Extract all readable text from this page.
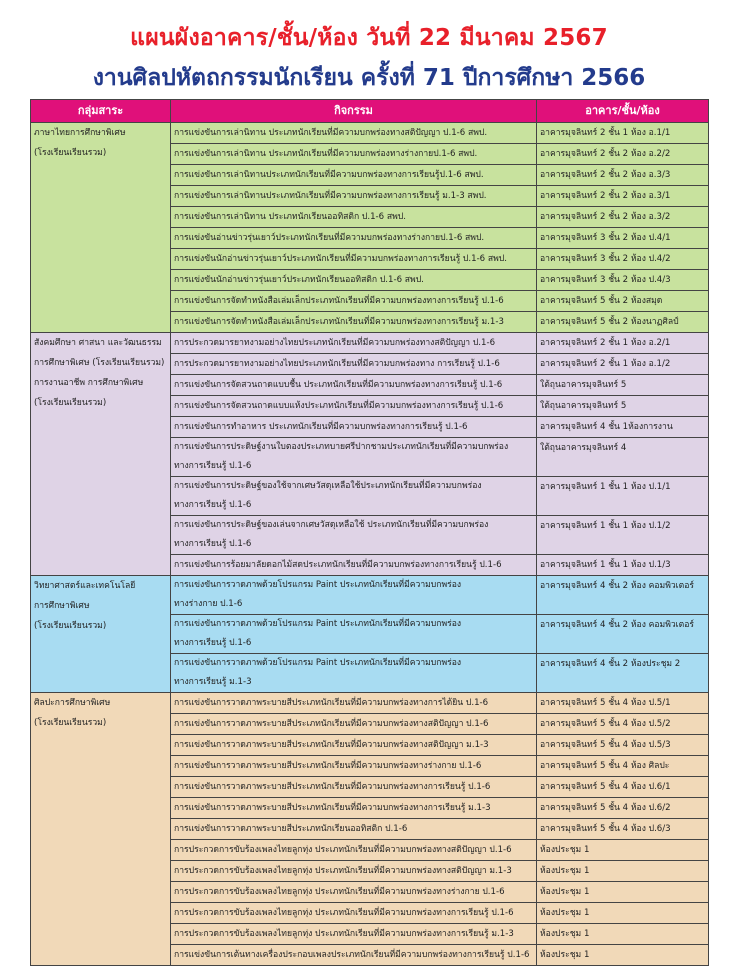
แผนผังอาคาร/ชั้น/ห้อง วันที่ 22 มีนาคม 2567
งานศิลปหัตถกรรมนักเรียน ครั้งที่ 71 ปีการศึกษา 2566
กลุ่มสาระ	กิจกรรม	อาคาร/ชั้น/ห้อง

ภาษาไทยการศึกษาพิเศษ
(โรงเรียนเรียนรวม)	การแข่งขันการเล่านิทาน ประเภทนักเรียนที่มีความบกพร่องทางสติปัญญา ป.1-6 สพป.	อาคารมุจลินทร์ 2 ชั้น 1 ห้อง อ.1/1
	การแข่งขันการเล่านิทาน ประเภทนักเรียนที่มีความบกพร่องทางร่างกายป.1-6 สพป.	อาคารมุจลินทร์ 2 ชั้น 2 ห้อง อ.2/2
	การแข่งขันการเล่านิทานประเภทนักเรียนที่มีความบกพร่องทางการเรียนรู้ป.1-6 สพป.	อาคารมุจลินทร์ 2 ชั้น 2 ห้อง อ.3/3
	การแข่งขันการเล่านิทานประเภทนักเรียนที่มีความบกพร่องทางการเรียนรู้ ม.1-3 สพป.	อาคารมุจลินทร์ 2 ชั้น 2 ห้อง อ.3/1
	การแข่งขันการเล่านิทาน ประเภทนักเรียนออทิสติก ป.1-6 สพป.	อาคารมุจลินทร์ 2 ชั้น 2 ห้อง อ.3/2
	การแข่งขันอ่านข่าวรุ่นเยาว์ประเภทนักเรียนที่มีความบกพร่องทางร่างกายป.1-6 สพป.	อาคารมุจลินทร์ 3 ชั้น 2 ห้อง ป.4/1
	การแข่งขันนักอ่านข่าวรุ่นเยาว์ประเภทนักเรียนที่มีความบกพร่องทางการเรียนรู้ ป.1-6 สพป.	อาคารมุจลินทร์ 3 ชั้น 2 ห้อง ป.4/2
	การแข่งขันนักอ่านข่าวรุ่นเยาว์ประเภทนักเรียนออทิสติก ป.1-6 สพป.	อาคารมุจลินทร์ 3 ชั้น 2 ห้อง ป.4/3
	การแข่งขันการจัดทำหนังสือเล่มเล็กประเภทนักเรียนที่มีความบกพร่องทางการเรียนรู้ ป.1-6	อาคารมุจลินทร์ 5 ชั้น 2 ห้องสมุด
	การแข่งขันการจัดทำหนังสือเล่มเล็กประเภทนักเรียนที่มีความบกพร่องทางการเรียนรู้ ม.1-3	อาคารมุจลินทร์ 5 ชั้น 2 ห้องนาฏศิลป์

สังคมศึกษา ศาสนา และวัฒนธรรม
การศึกษาพิเศษ (โรงเรียนเรียนรวม)
การงานอาชีพ การศึกษาพิเศษ
(โรงเรียนเรียนรวม)	การประกวดมารยาทงามอย่างไทยประเภทนักเรียนที่มีความบกพร่องทางสติปัญญา ป.1-6	อาคารมุจลินทร์ 2 ชั้น 1 ห้อง อ.2/1
	การประกวดมารยาทงามอย่างไทยประเภทนักเรียนที่มีความบกพร่องทาง การเรียนรู้ ป.1-6	อาคารมุจลินทร์ 2 ชั้น 1 ห้อง อ.1/2
	การแข่งขันการจัดสวนถาดแบบชื้น ประเภทนักเรียนที่มีความบกพร่องทางการเรียนรู้ ป.1-6	ใต้ถุนอาคารมุจลินทร์ 5
	การแข่งขันการจัดสวนถาดแบบแห้งประเภทนักเรียนที่มีความบกพร่องทางการเรียนรู้ ป.1-6	ใต้ถุนอาคารมุจลินทร์ 5
	การแข่งขันการทำอาหาร ประเภทนักเรียนที่มีความบกพร่องทางการเรียนรู้ ป.1-6	อาคารมุจลินทร์ 4 ชั้น 1ห้องการงาน

	การแข่งขันการประดิษฐ์งานใบตองประเภทบายศรีปากชามประเภทนักเรียนที่มีความบกพร่อง
ทางการเรียนรู้ ป.1-6	ใต้ถุนอาคารมุจลินทร์ 4

	การแข่งขันการประดิษฐ์ของใช้จากเศษวัสดุเหลือใช้ประเภทนักเรียนที่มีความบกพร่อง
ทางการเรียนรู้ ป.1-6	อาคารมุจลินทร์ 1 ชั้น 1 ห้อง ป.1/1

	การแข่งขันการประดิษฐ์ของเล่นจากเศษวัสดุเหลือใช้ ประเภทนักเรียนที่มีความบกพร่อง
ทางการเรียนรู้ ป.1-6	อาคารมุจลินทร์ 1 ชั้น 1 ห้อง ป.1/2
	การแข่งขันการร้อยมาลัยดอกไม้สดประเภทนักเรียนที่มีความบกพร่องทางการเรียนรู้ ป.1-6	อาคารมุจลินทร์ 1 ชั้น 1 ห้อง ป.1/3

วิทยาศาสตร์และเทคโนโลยี
การศึกษาพิเศษ
(โรงเรียนเรียนรวม)	การแข่งขันการวาดภาพด้วยโปรแกรม Paint ประเภทนักเรียนที่มีความบกพร่อง
ทางร่างกาย ป.1-6	อาคารมุจลินทร์ 4 ชั้น 2 ห้อง คอมพิวเตอร์

	การแข่งขันการวาดภาพด้วยโปรแกรม Paint ประเภทนักเรียนที่มีความบกพร่อง
ทางการเรียนรู้ ป.1-6	อาคารมุจลินทร์ 4 ชั้น 2 ห้อง คอมพิวเตอร์

	การแข่งขันการวาดภาพด้วยโปรแกรม Paint ประเภทนักเรียนที่มีความบกพร่อง
ทางการเรียนรู้ ม.1-3	อาคารมุจลินทร์ 4 ชั้น 2 ห้องประชุม 2

ศิลปะการศึกษาพิเศษ
(โรงเรียนเรียนรวม)	การแข่งขันการวาดภาพระบายสีประเภทนักเรียนที่มีความบกพร่องทางการได้ยิน ป.1-6	อาคารมุจลินทร์ 5 ชั้น 4 ห้อง ป.5/1
	การแข่งขันการวาดภาพระบายสีประเภทนักเรียนที่มีความบกพร่องทางสติปัญญา ป.1-6	อาคารมุจลินทร์ 5 ชั้น 4 ห้อง ป.5/2
	การแข่งขันการวาดภาพระบายสีประเภทนักเรียนที่มีความบกพร่องทางสติปัญญา ม.1-3	อาคารมุจลินทร์ 5 ชั้น 4 ห้อง ป.5/3
	การแข่งขันการวาดภาพระบายสีประเภทนักเรียนที่มีความบกพร่องทางร่างกาย ป.1-6	อาคารมุจลินทร์ 5 ชั้น 4 ห้อง ศิลปะ
	การแข่งขันการวาดภาพระบายสีประเภทนักเรียนที่มีความบกพร่องทางการเรียนรู้ ป.1-6	อาคารมุจลินทร์ 5 ชั้น 4 ห้อง ป.6/1
	การแข่งขันการวาดภาพระบายสีประเภทนักเรียนที่มีความบกพร่องทางการเรียนรู้ ม.1-3	อาคารมุจลินทร์ 5 ชั้น 4 ห้อง ป.6/2
	การแข่งขันการวาดภาพระบายสีประเภทนักเรียนออทิสติก ป.1-6	อาคารมุจลินทร์ 5 ชั้น 4 ห้อง ป.6/3
	การประกวดการขับร้องเพลงไทยลูกทุ่ง ประเภทนักเรียนที่มีความบกพร่องทางสติปัญญา ป.1-6	ห้องประชุม 1
	การประกวดการขับร้องเพลงไทยลูกทุ่ง ประเภทนักเรียนที่มีความบกพร่องทางสติปัญญา ม.1-3	ห้องประชุม 1
	การประกวดการขับร้องเพลงไทยลูกทุ่ง ประเภทนักเรียนที่มีความบกพร่องทางร่างกาย ป.1-6	ห้องประชุม 1
	การประกวดการขับร้องเพลงไทยลูกทุ่ง ประเภทนักเรียนที่มีความบกพร่องทางการเรียนรู้ ป.1-6	ห้องประชุม 1
	การประกวดการขับร้องเพลงไทยลูกทุ่ง ประเภทนักเรียนที่มีความบกพร่องทางการเรียนรู้ ม.1-3	ห้องประชุม 1
	การแข่งขันการเต้นทางเครื่องประกอบเพลงประเภทนักเรียนที่มีความบกพร่องทางการเรียนรู้ ป.1-6	ห้องประชุม 1
